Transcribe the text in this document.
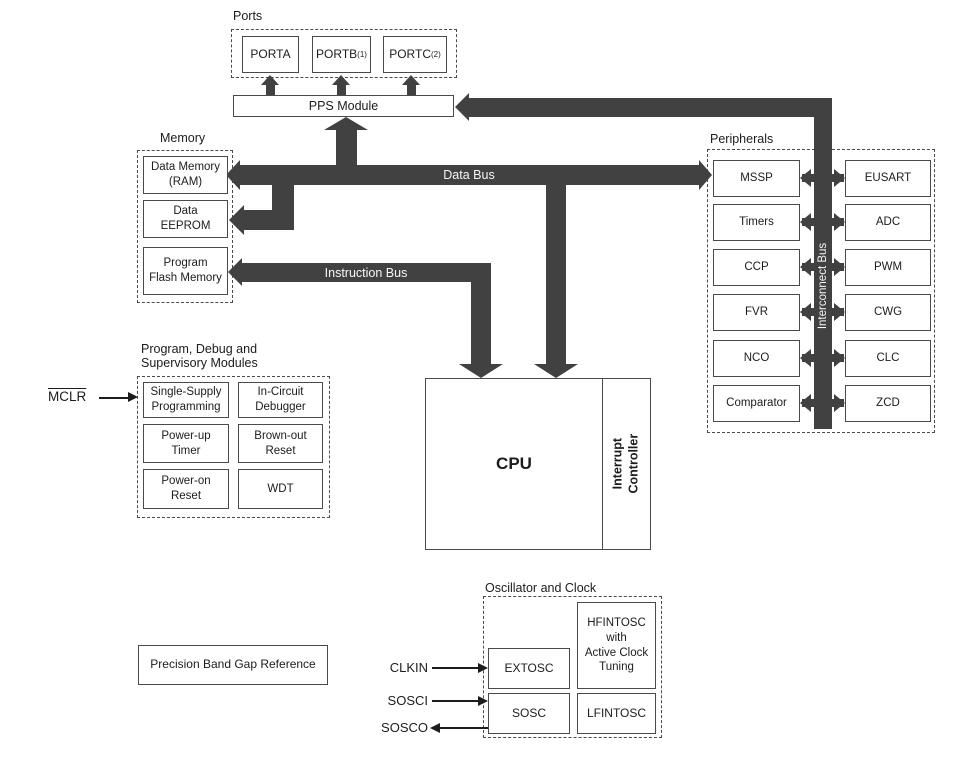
Ports
PORTA PORTB (1) PORTC (2)
PPS Module
Memory
Data Memory
(RAM)
Data
EEPROM
Program
Flash Memory
Data Bus
Instruction Bus
Peripherals
Interconnect Bus
MSSP
Timers
CCP
FVR
NCO
Comparator
EUSART
ADC
PWM
CWG
CLC
ZCD
CPU	Interrupt
Controller
MCLR
Program, Debug and
Supervisory Modules
Single-Supply
Programming
In-Circuit
Debugger
Power-up
Timer
Brown-out
Reset
Power-on
Reset
WDT
Oscillator and Clock
EXTOSC
HFINTOSC
with
Active Clock
Tuning
SOSC	LFINTOSC
CLKIN
SOSCI
SOSCO
Precision Band Gap Reference
